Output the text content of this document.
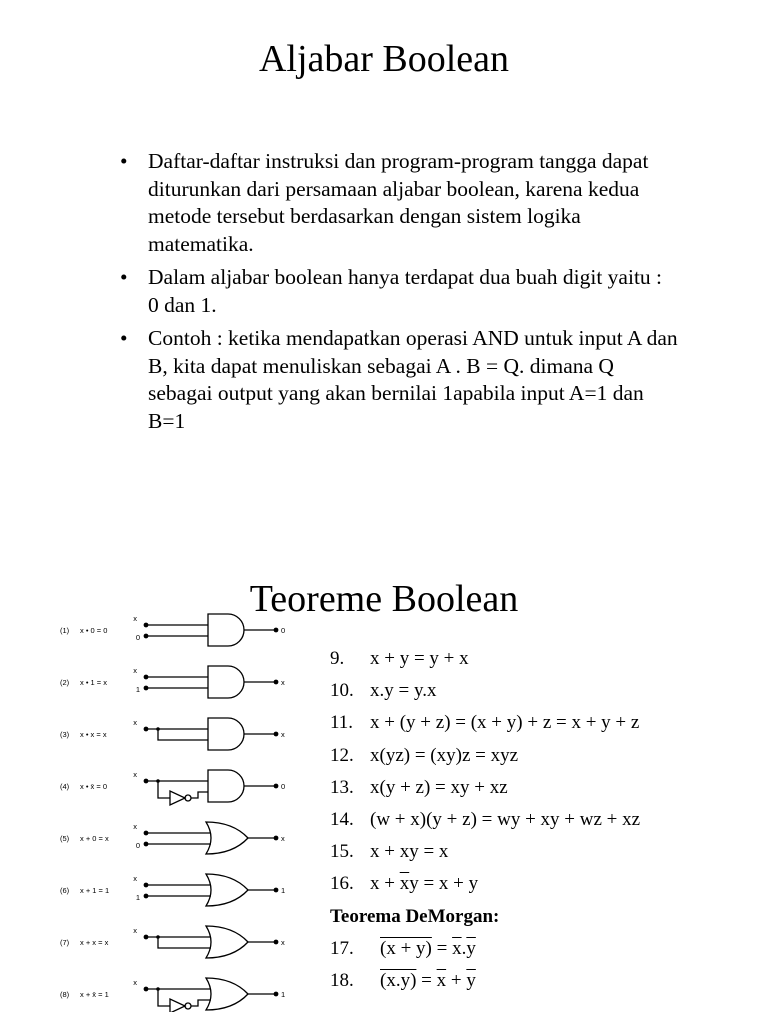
Aljabar Boolean
• Daftar-daftar instruksi dan program-program tangga dapat diturunkan dari persamaan aljabar boolean, karena kedua metode tersebut berdasarkan dengan sistem logika matematika.
• Dalam aljabar boolean hanya terdapat dua buah digit yaitu : 0 dan 1.
• Contoh : ketika mendapatkan operasi AND untuk input A dan B, kita dapat menuliskan sebagai A . B = Q. dimana Q sebagai output yang akan bernilai 1apabila input A=1 dan B=1
Teoreme Boolean
(1) x • 0 = 0
x
0
0
(2) x • 1 = x
x
1
x
(3) x • x = x
x
x
(4) x • x̄ = 0
x
0
(5) x + 0 = x
x
0
x
(6) x + 1 = 1
x
1
1
(7) x + x = x
x
x
(8) x + x̄ = 1
x
1
9. x + y = y + x
10. x.y = y.x
11. x + (y + z) = (x + y) + z = x + y + z
12. x(yz) = (xy)z = xyz
13. x(y + z) = xy + xz
14. (w + x)(y + z) = wy + xy + wz + xz
15. x + xy = x
16. $x + \overline{x}y = x + y$
Teorema DeMorgan:
17. $(x + y) = \overline{x}.\overline{y}$
18. $(x.y) = \overline{x} + \overline{y}$
